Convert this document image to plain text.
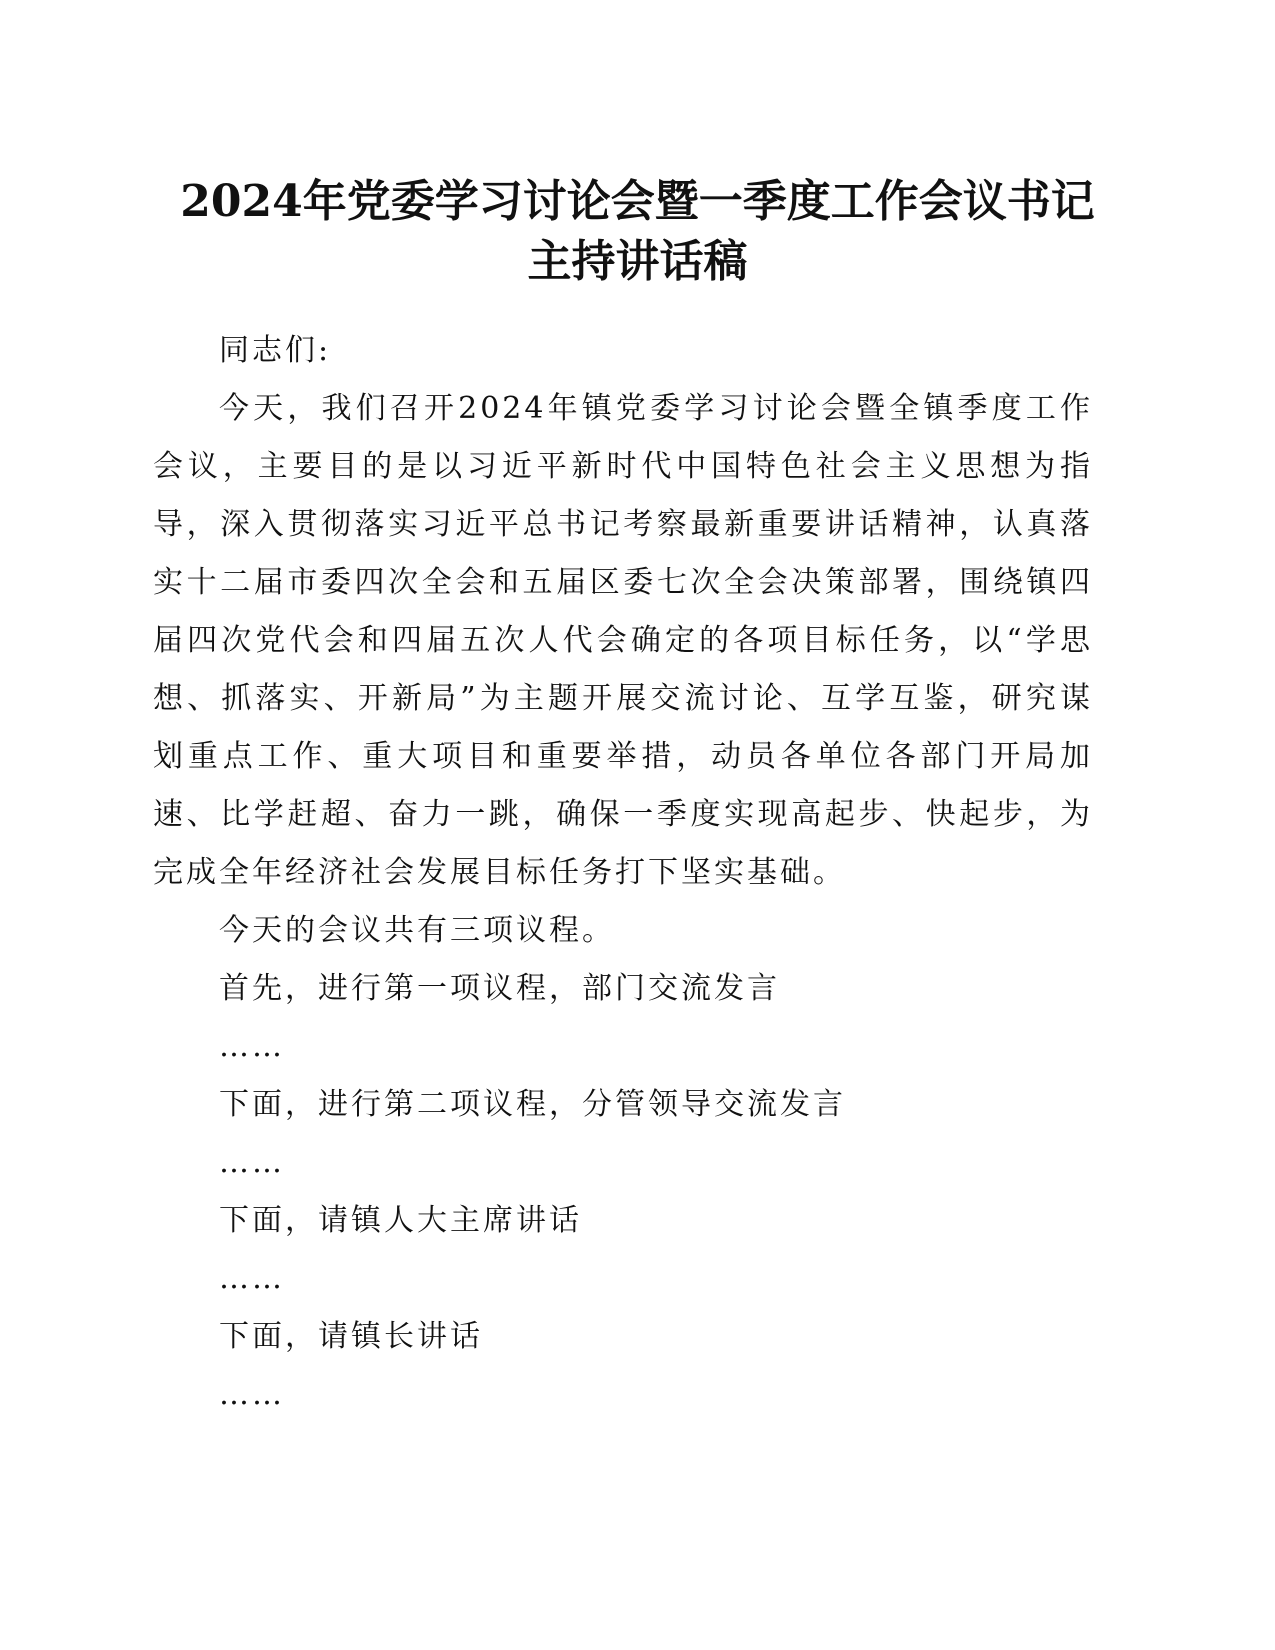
2024年党委学习讨论会暨一季度工作会议书记
主持讲话稿

同志们:

今天，我们召开2024年镇党委学习讨论会暨全镇季度工作会议，主要目的是以习近平新时代中国特色社会主义思想为指导，深入贯彻落实习近平总书记考察最新重要讲话精神，认真落实十二届市委四次全会和五届区委七次全会决策部署，围绕镇四届四次党代会和四届五次人代会确定的各项目标任务，以“学思想、抓落实、开新局”为主题开展交流讨论、互学互鉴，研究谋划重点工作、重大项目和重要举措，动员各单位各部门开局加速、比学赶超、奋力一跳，确保一季度实现高起步、快起步，为完成全年经济社会发展目标任务打下坚实基础。

今天的会议共有三项议程。

首先，进行第一项议程，部门交流发言

……

下面，进行第二项议程，分管领导交流发言

……

下面，请镇人大主席讲话

……

下面，请镇长讲话

……
